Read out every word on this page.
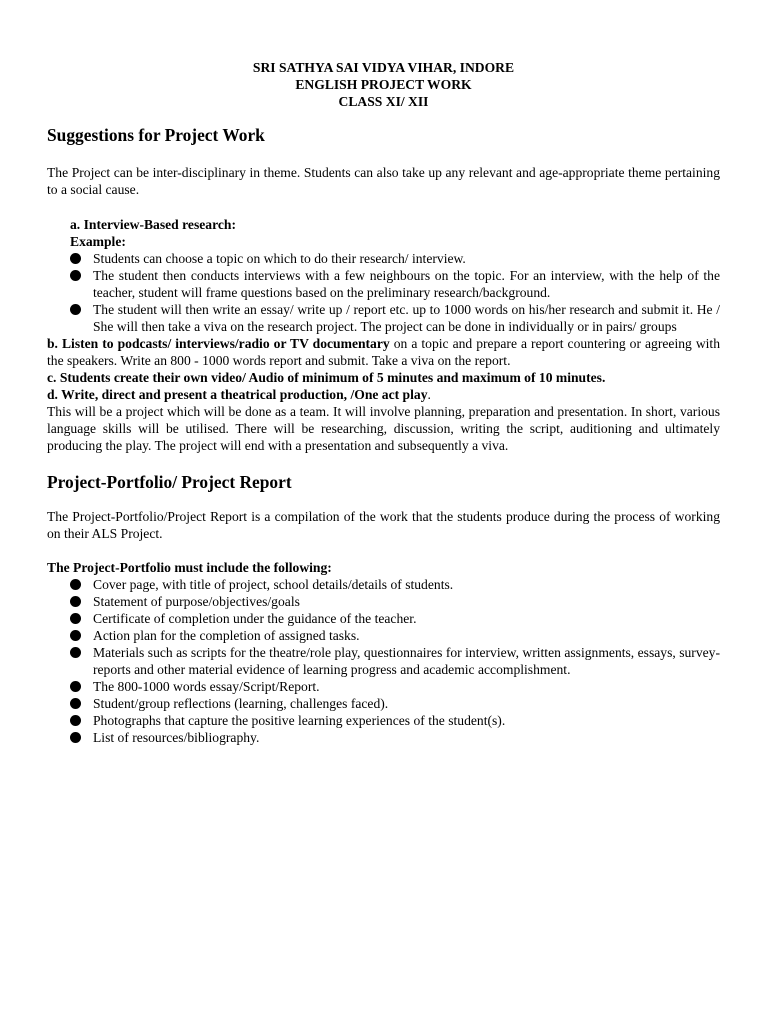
SRI SATHYA SAI VIDYA VIHAR, INDORE
ENGLISH PROJECT WORK
CLASS XI/ XII
Suggestions for Project Work

The Project can be inter-disciplinary in theme. Students can also take up any relevant and age-appropriate theme pertaining to a social cause.

a. Interview-Based research:
Example:
Students can choose a topic on which to do their research/ interview.
The student then conducts interviews with a few neighbours on the topic. For an interview, with the help of the teacher, student will frame questions based on the preliminary research/background.
The student will then write an essay/ write up / report etc. up to 1000 words on his/her research and submit it. He / She will then take a viva on the research project. The project can be done in individually or in pairs/ groups

b. Listen to podcasts/ interviews/radio or TV documentary on a topic and prepare a report countering or agreeing with the speakers. Write an 800 - 1000 words report and submit. Take a viva on the report.

c. Students create their own video/ Audio of minimum of 5 minutes and maximum of 10 minutes.

d. Write, direct and present a theatrical production, /One act play.

This will be a project which will be done as a team. It will involve planning, preparation and presentation. In short, various language skills will be utilised. There will be researching, discussion, writing the script, auditioning and ultimately producing the play. The project will end with a presentation and subsequently a viva.

Project-Portfolio/ Project Report

The Project-Portfolio/Project Report is a compilation of the work that the students produce during the process of working on their ALS Project.

The Project-Portfolio must include the following:

Cover page, with title of project, school details/details of students.
Statement of purpose/objectives/goals
Certificate of completion under the guidance of the teacher.
Action plan for the completion of assigned tasks.
Materials such as scripts for the theatre/role play, questionnaires for interview, written assignments, essays, survey-reports and other material evidence of learning progress and academic accomplishment.
The 800-1000 words essay/Script/Report.
Student/group reflections (learning, challenges faced).
Photographs that capture the positive learning experiences of the student(s).
List of resources/bibliography.
